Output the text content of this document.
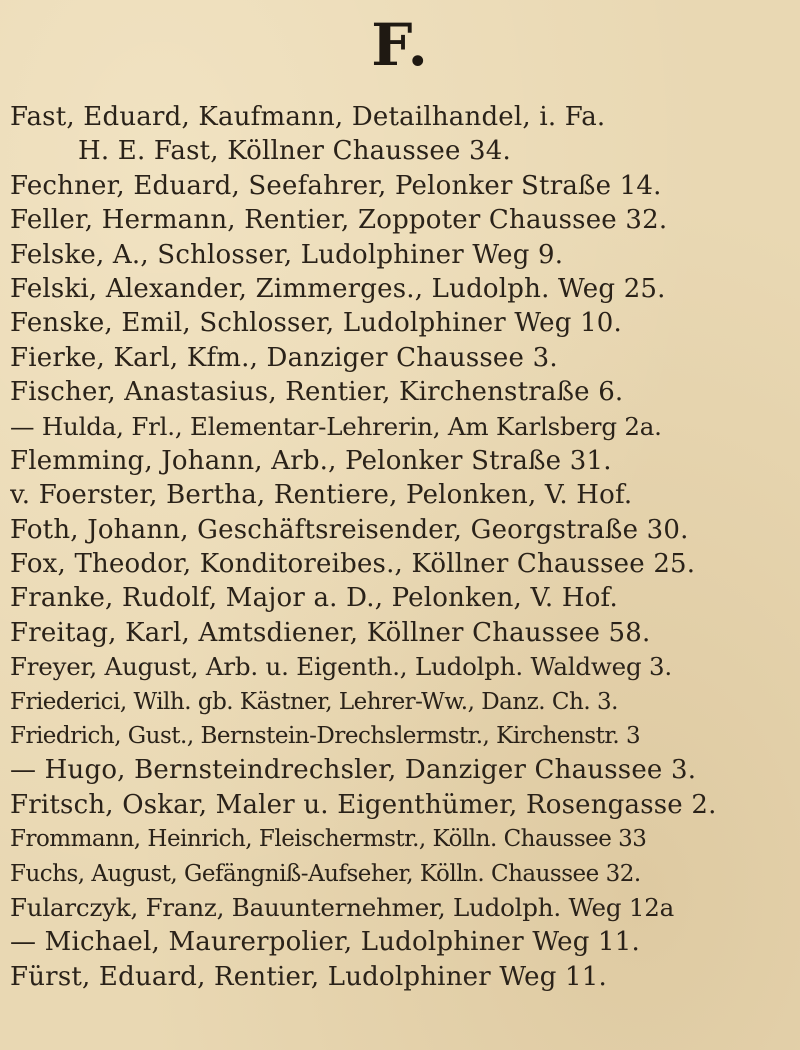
F.
Fast, Eduard, Kaufmann, Detailhandel, i. Fa.
H. E. Fast, Köllner Chaussee 34.
Fechner, Eduard, Seefahrer, Pelonker Straße 14.
Feller, Hermann, Rentier, Zoppoter Chaussee 32.
Felske, A., Schlosser, Ludolphiner Weg 9.
Felski, Alexander, Zimmerges., Ludolph. Weg 25.
Fenske, Emil, Schlosser, Ludolphiner Weg 10.
Fierke, Karl, Kfm., Danziger Chaussee 3.
Fischer, Anastasius, Rentier, Kirchenstraße 6.
— Hulda, Frl., Elementar-Lehrerin, Am Karlsberg 2a.
Flemming, Johann, Arb., Pelonker Straße 31.
v. Foerster, Bertha, Rentiere, Pelonken, V. Hof.
Foth, Johann, Geschäftsreisender, Georgstraße 30.
Fox, Theodor, Konditoreibes., Köllner Chaussee 25.
Franke, Rudolf, Major a. D., Pelonken, V. Hof.
Freitag, Karl, Amtsdiener, Köllner Chaussee 58.
Freyer, August, Arb. u. Eigenth., Ludolph. Waldweg 3.
Friederici, Wilh. gb. Kästner, Lehrer-Ww., Danz. Ch. 3.
Friedrich, Gust., Bernstein-Drechslermstr., Kirchenstr. 3
— Hugo, Bernsteindrechsler, Danziger Chaussee 3.
Fritsch, Oskar, Maler u. Eigenthümer, Rosengasse 2.
Frommann, Heinrich, Fleischermstr., Kölln. Chaussee 33
Fuchs, August, Gefängniß-Aufseher, Kölln. Chaussee 32.
Fularczyk, Franz, Bauunternehmer, Ludolph. Weg 12a
— Michael, Maurerpolier, Ludolphiner Weg 11.
Fürst, Eduard, Rentier, Ludolphiner Weg 11.
